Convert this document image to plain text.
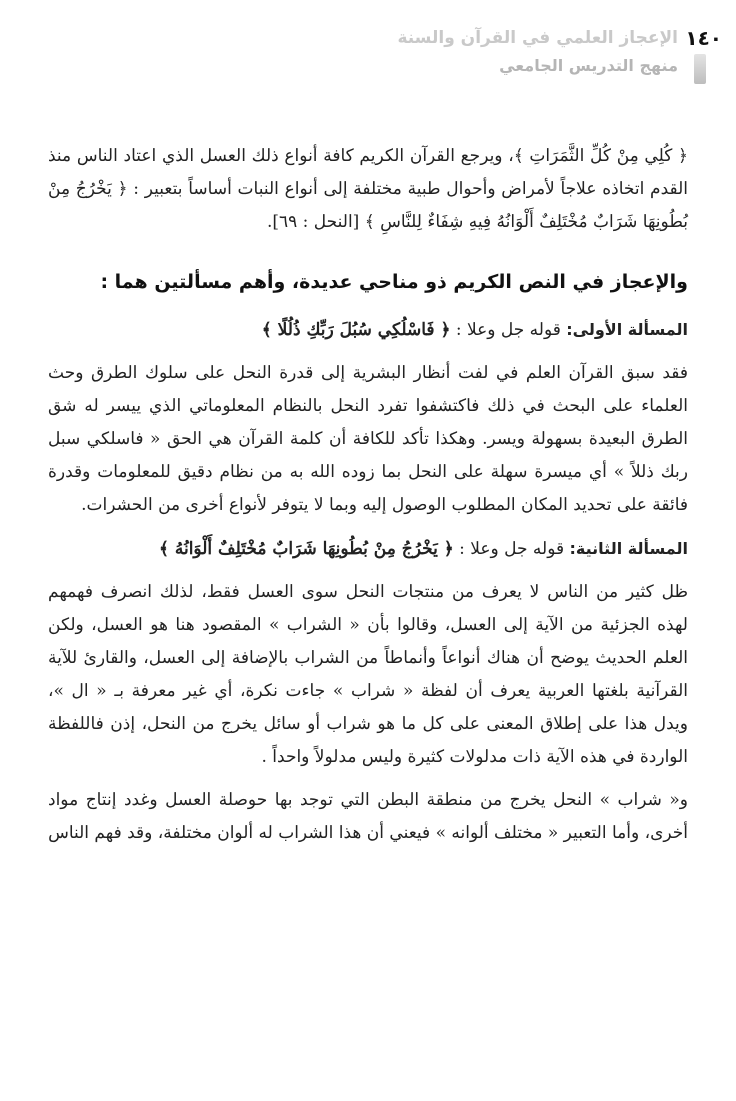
١٤٠
الإعجاز العلمي في القرآن والسنة
منهج التدريس الجامعي

﴿ كُلِي مِنْ كُلِّ الثَّمَرَاتِ ﴾، ويرجع القرآن الكريم كافة أنواع ذلك العسل الذي اعتاد الناس منذ القدم اتخاذه علاجاً لأمراض وأحوال طبية مختلفة إلى أنواع النبات أساساً بتعبير : ﴿ يَخْرُجُ مِنْ بُطُونِهَا شَرَابٌ مُخْتَلِفٌ أَلْوَانُهُ فِيهِ شِفَاءٌ لِلنَّاسِ ﴾ [النحل : ٦٩].

والإعجاز في النص الكريم ذو مناحي عديدة، وأهم مسألتين هما :

المسألة الأولى: قوله جل وعلا : ﴿ فَاسْلُكِي سُبُلَ رَبِّكِ ذُلُلًا ﴾

فقد سبق القرآن العلم في لفت أنظار البشرية إلى قدرة النحل على سلوك الطرق وحث العلماء على البحث في ذلك فاكتشفوا تفرد النحل بالنظام المعلوماتي الذي ييسر له شق الطرق البعيدة بسهولة ويسر. وهكذا تأكد للكافة أن كلمة القرآن هي الحق « فاسلكي سبل ربك ذللاً » أي ميسرة سهلة على النحل بما زوده الله به من نظام دقيق للمعلومات وقدرة فائقة على تحديد المكان المطلوب الوصول إليه وبما لا يتوفر لأنواع أخرى من الحشرات.

المسألة الثانية: قوله جل وعلا : ﴿ يَخْرُجُ مِنْ بُطُونِهَا شَرَابٌ مُخْتَلِفٌ أَلْوَانُهُ ﴾

ظل كثير من الناس لا يعرف من منتجات النحل سوى العسل فقط، لذلك انصرف فهمهم لهذه الجزئية من الآية إلى العسل، وقالوا بأن « الشراب » المقصود هنا هو العسل، ولكن العلم الحديث يوضح أن هناك أنواعاً وأنماطاً من الشراب بالإضافة إلى العسل، والقارئ للآية القرآنية بلغتها العربية يعرف أن لفظة « شراب » جاءت نكرة، أي غير معرفة بـ « ال »، ويدل هذا على إطلاق المعنى على كل ما هو شراب أو سائل يخرج من النحل، إذن فاللفظة الواردة في هذه الآية ذات مدلولات كثيرة وليس مدلولاً واحداً .

و« شراب » النحل يخرج من منطقة البطن التي توجد بها حوصلة العسل وغدد إنتاج مواد أخرى، وأما التعبير « مختلف ألوانه » فيعني أن هذا الشراب له ألوان مختلفة، وقد فهم الناس
